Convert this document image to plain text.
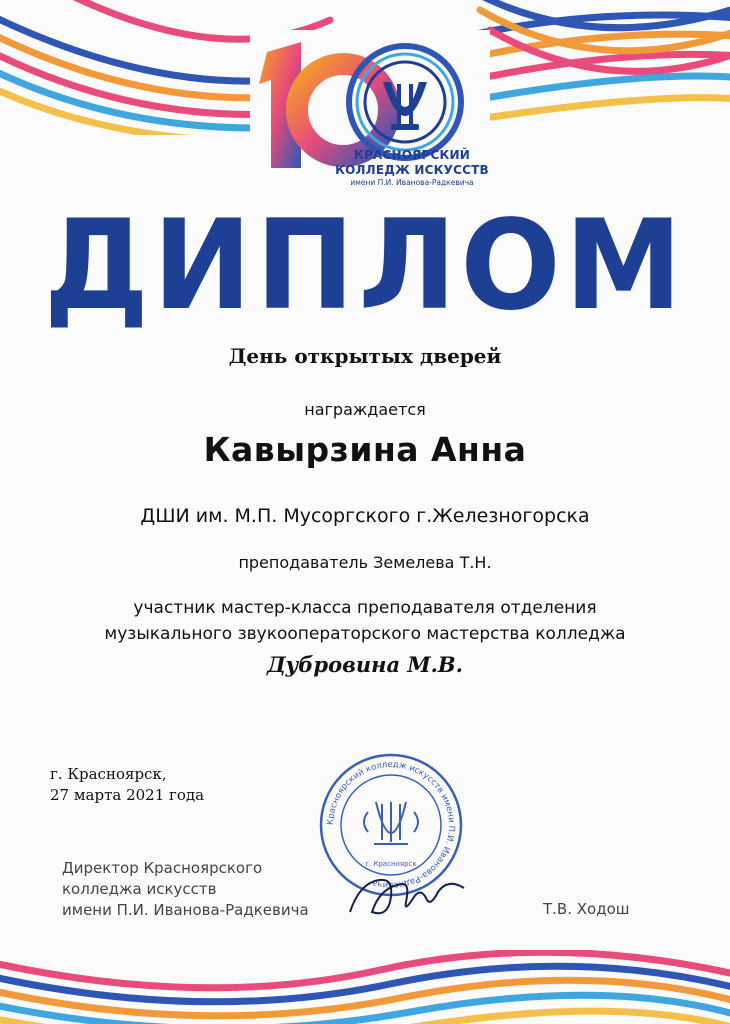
КРАСНОЯРСКИЙ
КОЛЛЕДЖ ИСКУССТВ
имени П.И. Иванова-Радкевича
ДИПЛОМ
День открытых дверей
награждается
Кавырзина Анна
ДШИ им. М.П. Мусоргского г.Железногорска
преподаватель Земелева Т.Н.
участник мастер-класса преподавателя отделения
музыкального звукооператорского мастерства колледжа
Дубровина М.В.
г. Красноярск,
27 марта 2021 года
Красноярский колледж искусств имени П.И. Иванова-Радкевича
г. Красноярск
Директор Красноярского
колледжа искусств
имени П.И. Иванова-Радкевича	Т.В. Ходош
